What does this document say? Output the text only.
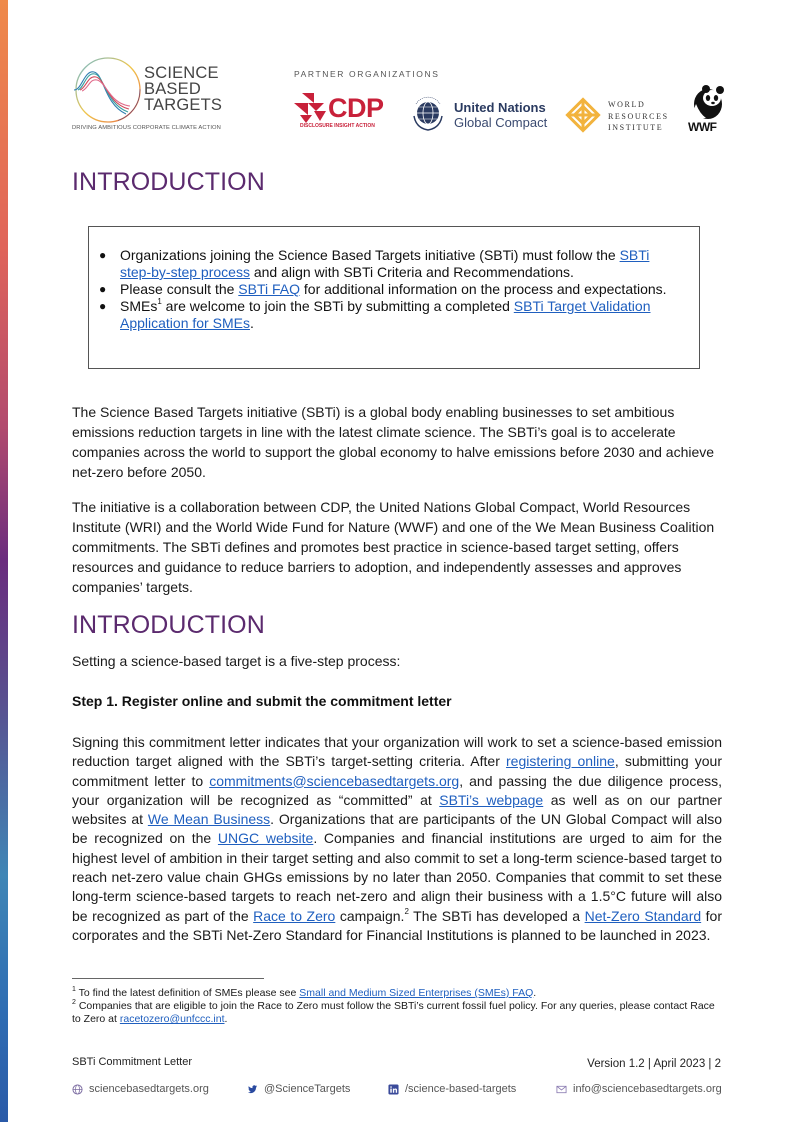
SCIENCE
BASED
TARGETS
DRIVING AMBITIOUS CORPORATE CLIMATE ACTION
PARTNER ORGANIZATIONS
CDP
DISCLOSURE INSIGHT ACTION
United Nations
Global Compact
WORLD
RESOURCES
INSTITUTE	WWF
INTRODUCTION
● Organizations joining the Science Based Targets initiative (SBTi) must follow the SBTi step-by-step process and align with SBTi Criteria and Recommendations.
● Please consult the SBTi FAQ for additional information on the process and expectations.
● SMEs$^1$ are welcome to join the SBTi by submitting a completed SBTi Target Validation Application for SMEs.

The Science Based Targets initiative (SBTi) is a global body enabling businesses to set ambitious emissions reduction targets in line with the latest climate science. The SBTi’s goal is to accelerate companies across the world to support the global economy to halve emissions before 2030 and achieve net-zero before 2050.

The initiative is a collaboration between CDP, the United Nations Global Compact, World Resources Institute (WRI) and the World Wide Fund for Nature (WWF) and one of the We Mean Business Coalition commitments. The SBTi defines and promotes best practice in science-based target setting, offers resources and guidance to reduce barriers to adoption, and independently assesses and approves companies’ targets.

INTRODUCTION

Setting a science-based target is a five-step process:

Step 1. Register online and submit the commitment letter

Signing this commitment letter indicates that your organization will work to set a science-based emission reduction target aligned with the SBTi’s target-setting criteria. After registering online, submitting your commitment letter to commitments@sciencebasedtargets.org, and passing the due diligence process, your organization will be recognized as “committed” at SBTi’s webpage as well as on our partner websites at We Mean Business. Organizations that are participants of the UN Global Compact will also be recognized on the UNGC website. Companies and financial institutions are urged to aim for the highest level of ambition in their target setting and also commit to set a long-term science-based target to reach net-zero value chain GHGs emissions by no later than 2050. Companies that commit to set these long-term science-based targets to reach net-zero and align their business with a 1.5°C future will also be recognized as part of the Race to Zero campaign.$^2$ The SBTi has developed a Net-Zero Standard for corporates and the SBTi Net-Zero Standard for Financial Institutions is planned to be launched in 2023.

$^1$ To find the latest definition of SMEs please see Small and Medium Sized Enterprises (SMEs) FAQ.
$^2$ Companies that are eligible to join the Race to Zero must follow the SBTi’s current fossil fuel policy. For any queries, please contact Race to Zero at racetozero@unfccc.int.
SBTi Commitment Letter	Version 1.2 | April 2023 | 2
sciencebasedtargets.org	@ScienceTargets	/science-based-targets	info@sciencebasedtargets.org
